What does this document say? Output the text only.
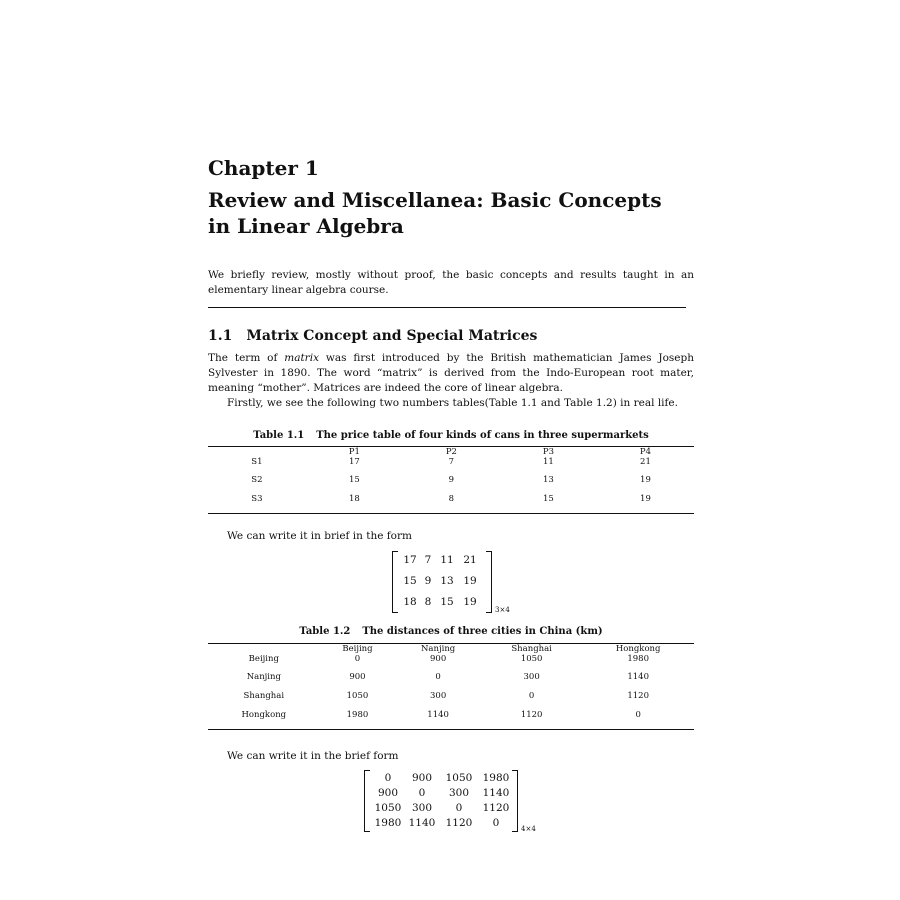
Chapter 1
Review and Miscellanea: Basic Concepts in Linear Algebra
We briefly review, mostly without proof, the basic concepts and results taught in an elementary linear algebra course.
1.1 Matrix Concept and Special Matrices
The term of matrix was first introduced by the British mathematician James Joseph Sylvester in 1890. The word “matrix” is derived from the Indo-European root mater, meaning “mother”. Matrices are indeed the core of linear algebra.
Firstly, we see the following two numbers tables(Table 1.1 and Table 1.2) in real life.
Table 1.1 The price table of four kinds of cans in three supermarkets
	P1	P2	P3	P4
S1	17	7	11	21
S2	15	9	13	19
S3	18	8	15	19
We can write it in brief in the form
17 7 11 21
15 9 13 19
18 8 15 19
3×4
Table 1.2 The distances of three cities in China (km)
	Beijing	Nanjing	Shanghai	Hongkong
Beijing	0	900	1050	1980
Nanjing	900	0	300	1140
Shanghai	1050	300	0	1120
Hongkong	1980	1140	1120	0
We can write it in the brief form
0	900	1050 1980
900	0	300	1140
1050	300	0	1120
1980 1140 1120	0	4×4
